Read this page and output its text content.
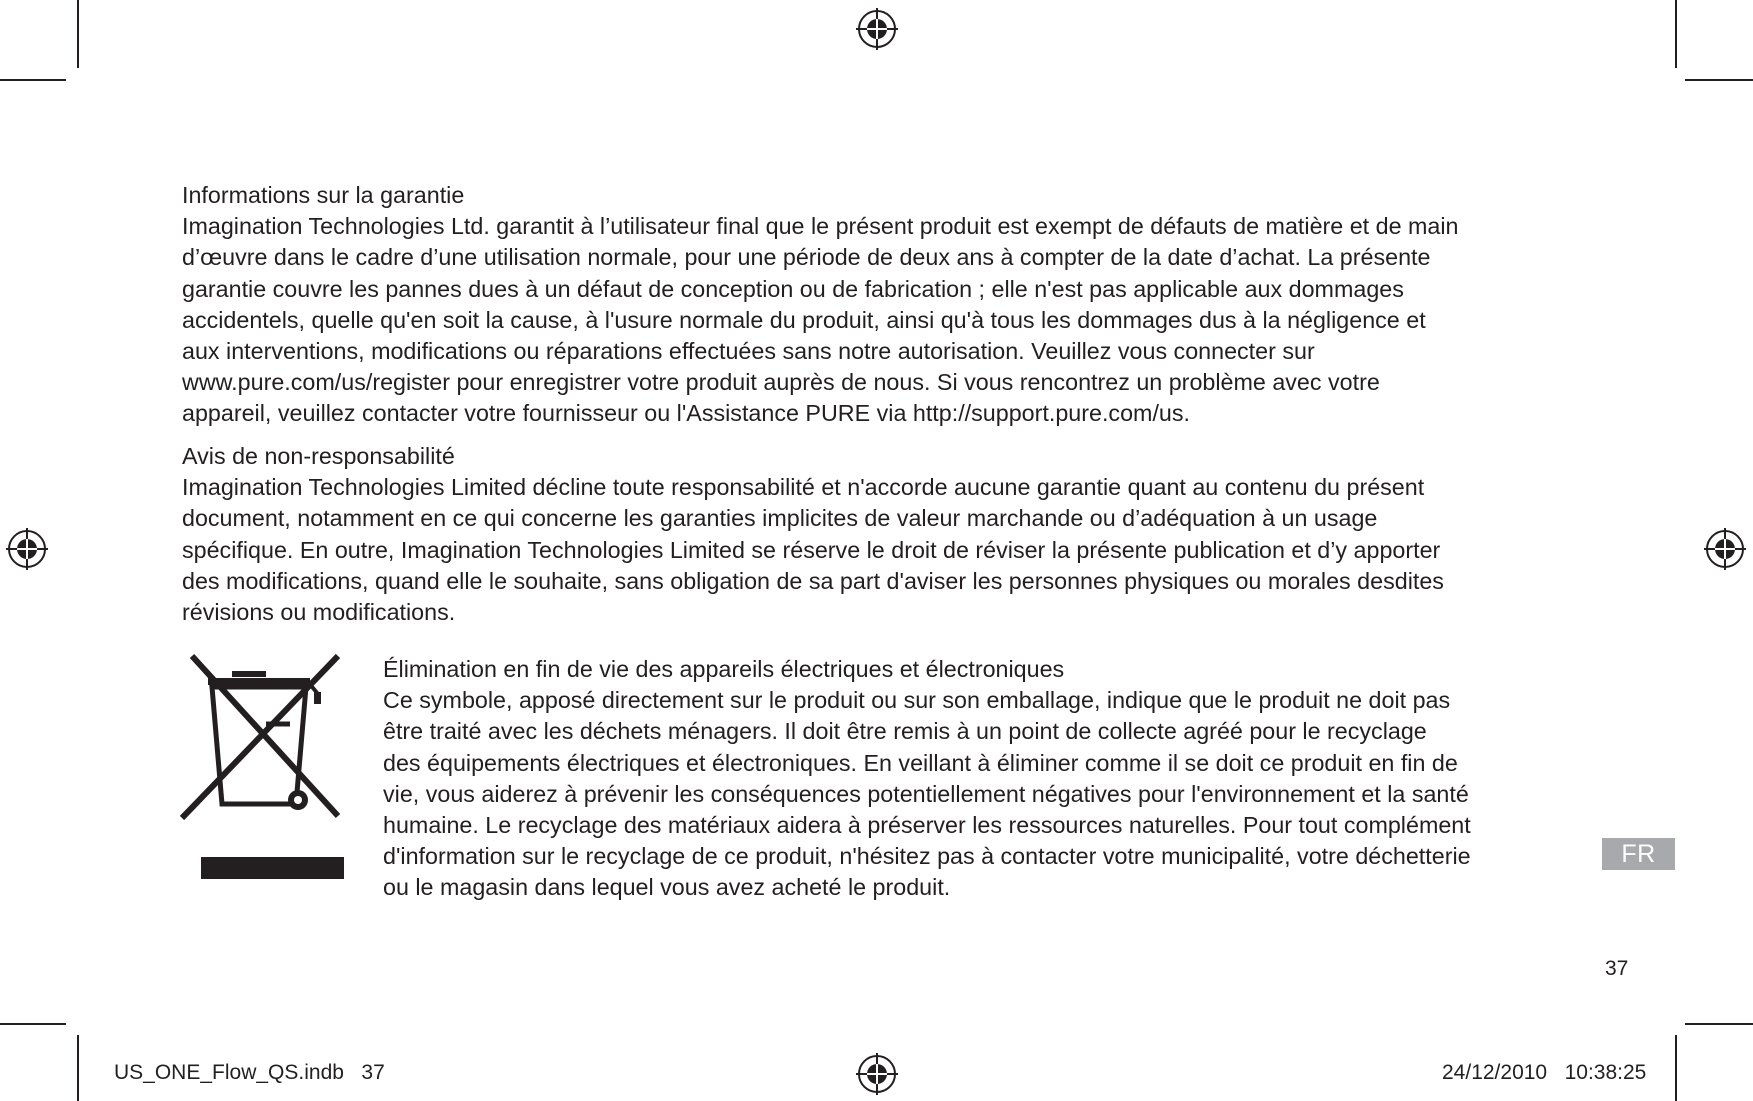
Informations sur la garantie

Imagination Technologies Ltd. garantit à l’utilisateur final que le présent produit est exempt de défauts de matière et de main

d’œuvre dans le cadre d’une utilisation normale, pour une période de deux ans à compter de la date d’achat. La présente

garantie couvre les pannes dues à un défaut de conception ou de fabrication ; elle n'est pas applicable aux dommages

accidentels, quelle qu'en soit la cause, à l'usure normale du produit, ainsi qu'à tous les dommages dus à la négligence et

aux interventions, modifications ou réparations effectuées sans notre autorisation. Veuillez vous connecter sur

www.pure.com/us/register pour enregistrer votre produit auprès de nous. Si vous rencontrez un problème avec votre

appareil, veuillez contacter votre fournisseur ou l'Assistance PURE via http://support.pure.com/us.

Avis de non-responsabilité

Imagination Technologies Limited décline toute responsabilité et n'accorde aucune garantie quant au contenu du présent

document, notamment en ce qui concerne les garanties implicites de valeur marchande ou d’adéquation à un usage

spécifique. En outre, Imagination Technologies Limited se réserve le droit de réviser la présente publication et d’y apporter

des modifications, quand elle le souhaite, sans obligation de sa part d'aviser les personnes physiques ou morales desdites

révisions ou modifications.

Élimination en fin de vie des appareils électriques et électroniques

Ce symbole, apposé directement sur le produit ou sur son emballage, indique que le produit ne doit pas

être traité avec les déchets ménagers. Il doit être remis à un point de collecte agréé pour le recyclage

des équipements électriques et électroniques. En veillant à éliminer comme il se doit ce produit en fin de

vie, vous aiderez à prévenir les conséquences potentiellement négatives pour l'environnement et la santé

humaine. Le recyclage des matériaux aidera à préserver les ressources naturelles. Pour tout complément

d'information sur le recyclage de ce produit, n'hésitez pas à contacter votre municipalité, votre déchetterie

ou le magasin dans lequel vous avez acheté le produit.

FR
37
US_ONE_Flow_QS.indb   37	24/12/2010   10:38:25
